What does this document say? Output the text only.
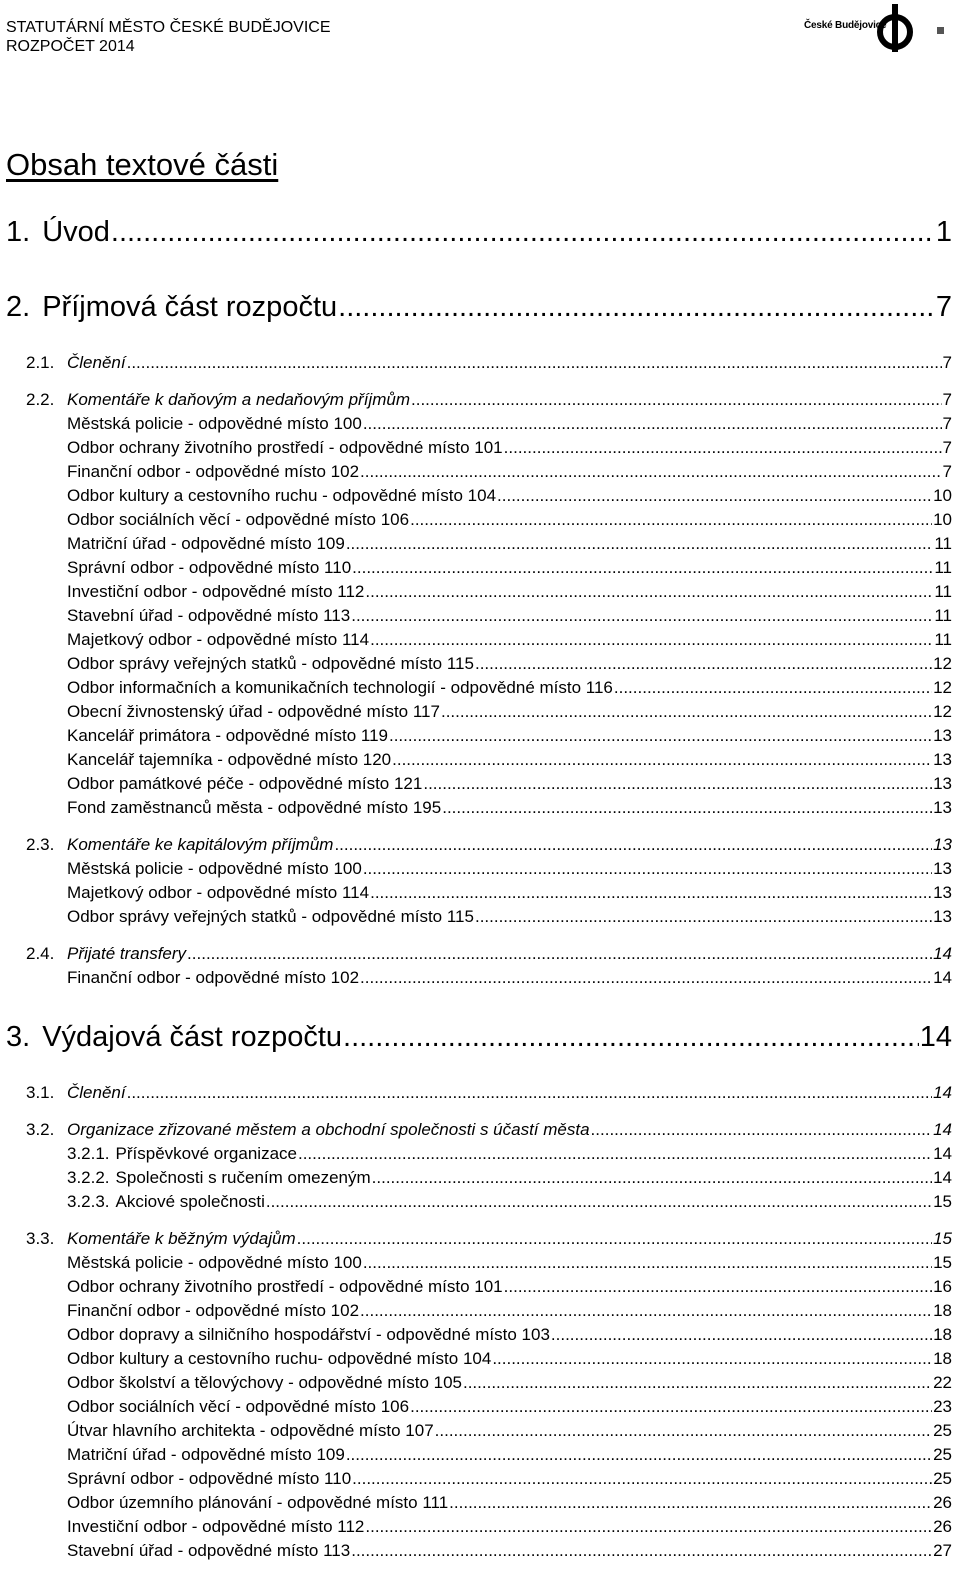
STATUTÁRNÍ MĚSTO ČESKÉ BUDĚJOVICE
ROZPOČET 2014
České Budějovice
Obsah textové části
1. Úvod .....	1
2. Příjmová část rozpočtu .....	7
2.1. Členění .....	7
2.2. Komentáře k daňovým a nedaňovým příjmům .....	7
Městská policie - odpovědné místo 100 .....	7
Odbor ochrany životního prostředí - odpovědné místo 101 .....	7
Finanční odbor - odpovědné místo 102 .....	7
Odbor kultury a cestovního ruchu - odpovědné místo 104 .....	10
Odbor sociálních věcí - odpovědné místo 106 .....	10
Matriční úřad - odpovědné místo 109 .....	11
Správní odbor - odpovědné místo 110 .....	11
Investiční odbor - odpovědné místo 112 .....	11
Stavební úřad - odpovědné místo 113 .....	11
Majetkový odbor - odpovědné místo 114 .....	11
Odbor správy veřejných statků - odpovědné místo 115 .....	12
Odbor informačních a komunikačních technologií - odpovědné místo 116 .....	12
Obecní živnostenský úřad - odpovědné místo 117 .....	12
Kancelář primátora - odpovědné místo 119 .....	13
Kancelář tajemníka - odpovědné místo 120 .....	13
Odbor památkové péče - odpovědné místo 121 .....	13
Fond zaměstnanců města - odpovědné místo 195 .....	13
2.3. Komentáře ke kapitálovým příjmům .....	13
Městská policie - odpovědné místo 100 .....	13
Majetkový odbor - odpovědné místo 114 .....	13
Odbor správy veřejných statků - odpovědné místo 115 .....	13
2.4. Přijaté transfery .....	14
Finanční odbor - odpovědné místo 102 .....	14
3. Výdajová část rozpočtu .....	14
3.1. Členění .....	14
3.2. Organizace zřizované městem a obchodní společnosti s účastí města .....	14
3.2.1. Příspěvkové organizace .....	14
3.2.2. Společnosti s ručením omezeným .....	14
3.2.3. Akciové společnosti .....	15
3.3. Komentáře k běžným výdajům .....	15
Městská policie - odpovědné místo 100 .....	15
Odbor ochrany životního prostředí - odpovědné místo 101 .....	16
Finanční odbor - odpovědné místo 102 .....	18
Odbor dopravy a silničního hospodářství - odpovědné místo 103 .....	18
Odbor kultury a cestovního ruchu- odpovědné místo 104 .....	18
Odbor školství a tělovýchovy - odpovědné místo 105 .....	22
Odbor sociálních věcí - odpovědné místo 106 .....	23
Útvar hlavního architekta - odpovědné místo 107 .....	25
Matriční úřad - odpovědné místo 109 .....	25
Správní odbor - odpovědné místo 110 .....	25
Odbor územního plánování - odpovědné místo 111 .....	26
Investiční odbor - odpovědné místo 112 .....	26
Stavební úřad - odpovědné místo 113 .....	27
